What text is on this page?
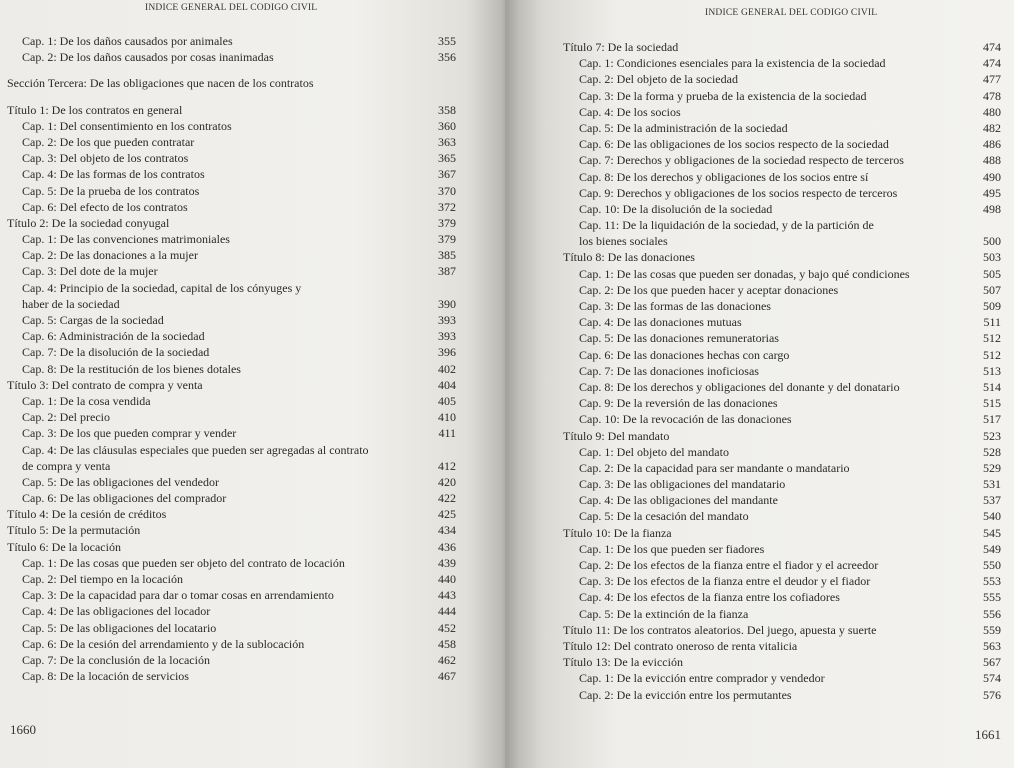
INDICE GENERAL DEL CODIGO CIVIL
Cap. 1: De los daños causados por animales	355
Cap. 2: De los daños causados por cosas inanimadas	356
Sección Tercera: De las obligaciones que nacen de los contratos
Título 1: De los contratos en general	358
Cap. 1: Del consentimiento en los contratos	360
Cap. 2: De los que pueden contratar	363
Cap. 3: Del objeto de los contratos	365
Cap. 4: De las formas de los contratos	367
Cap. 5: De la prueba de los contratos	370
Cap. 6: Del efecto de los contratos	372
Título 2: De la sociedad conyugal	379
Cap. 1: De las convenciones matrimoniales	379
Cap. 2: De las donaciones a la mujer	385
Cap. 3: Del dote de la mujer	387
Cap. 4: Principio de la sociedad, capital de los cónyuges y
haber de la sociedad	390
Cap. 5: Cargas de la sociedad	393
Cap. 6: Administración de la sociedad	393
Cap. 7: De la disolución de la sociedad	396
Cap. 8: De la restitución de los bienes dotales	402
Título 3: Del contrato de compra y venta	404
Cap. 1: De la cosa vendida	405
Cap. 2: Del precio	410
Cap. 3: De los que pueden comprar y vender	411
Cap. 4: De las cláusulas especiales que pueden ser agregadas al contrato
de compra y venta	412
Cap. 5: De las obligaciones del vendedor	420
Cap. 6: De las obligaciones del comprador	422
Título 4: De la cesión de créditos	425
Título 5: De la permutación	434
Título 6: De la locación	436
Cap. 1: De las cosas que pueden ser objeto del contrato de locación	439
Cap. 2: Del tiempo en la locación	440
Cap. 3: De la capacidad para dar o tomar cosas en arrendamiento	443
Cap. 4: De las obligaciones del locador	444
Cap. 5: De las obligaciones del locatario	452
Cap. 6: De la cesión del arrendamiento y de la sublocación	458
Cap. 7: De la conclusión de la locación	462
Cap. 8: De la locación de servicios	467
1660
INDICE GENERAL DEL CODIGO CIVIL
Título 7: De la sociedad	474
Cap. 1: Condiciones esenciales para la existencia de la sociedad	474
Cap. 2: Del objeto de la sociedad	477
Cap. 3: De la forma y prueba de la existencia de la sociedad	478
Cap. 4: De los socios	480
Cap. 5: De la administración de la sociedad	482
Cap. 6: De las obligaciones de los socios respecto de la sociedad	486
Cap. 7: Derechos y obligaciones de la sociedad respecto de terceros	488
Cap. 8: De los derechos y obligaciones de los socios entre sí	490
Cap. 9: Derechos y obligaciones de los socios respecto de terceros	495
Cap. 10: De la disolución de la sociedad	498
Cap. 11: De la liquidación de la sociedad, y de la partición de
los bienes sociales	500
Título 8: De las donaciones	503
Cap. 1: De las cosas que pueden ser donadas, y bajo qué condiciones	505
Cap. 2: De los que pueden hacer y aceptar donaciones	507
Cap. 3: De las formas de las donaciones	509
Cap. 4: De las donaciones mutuas	511
Cap. 5: De las donaciones remuneratorias	512
Cap. 6: De las donaciones hechas con cargo	512
Cap. 7: De las donaciones inoficiosas	513
Cap. 8: De los derechos y obligaciones del donante y del donatario	514
Cap. 9: De la reversión de las donaciones	515
Cap. 10: De la revocación de las donaciones	517
Título 9: Del mandato	523
Cap. 1: Del objeto del mandato	528
Cap. 2: De la capacidad para ser mandante o mandatario	529
Cap. 3: De las obligaciones del mandatario	531
Cap. 4: De las obligaciones del mandante	537
Cap. 5: De la cesación del mandato	540
Título 10: De la fianza	545
Cap. 1: De los que pueden ser fiadores	549
Cap. 2: De los efectos de la fianza entre el fiador y el acreedor	550
Cap. 3: De los efectos de la fianza entre el deudor y el fiador	553
Cap. 4: De los efectos de la fianza entre los cofiadores	555
Cap. 5: De la extinción de la fianza	556
Título 11: De los contratos aleatorios. Del juego, apuesta y suerte	559
Título 12: Del contrato oneroso de renta vitalicia	563
Título 13: De la evicción	567
Cap. 1: De la evicción entre comprador y vendedor	574
Cap. 2: De la evicción entre los permutantes	576
1661
